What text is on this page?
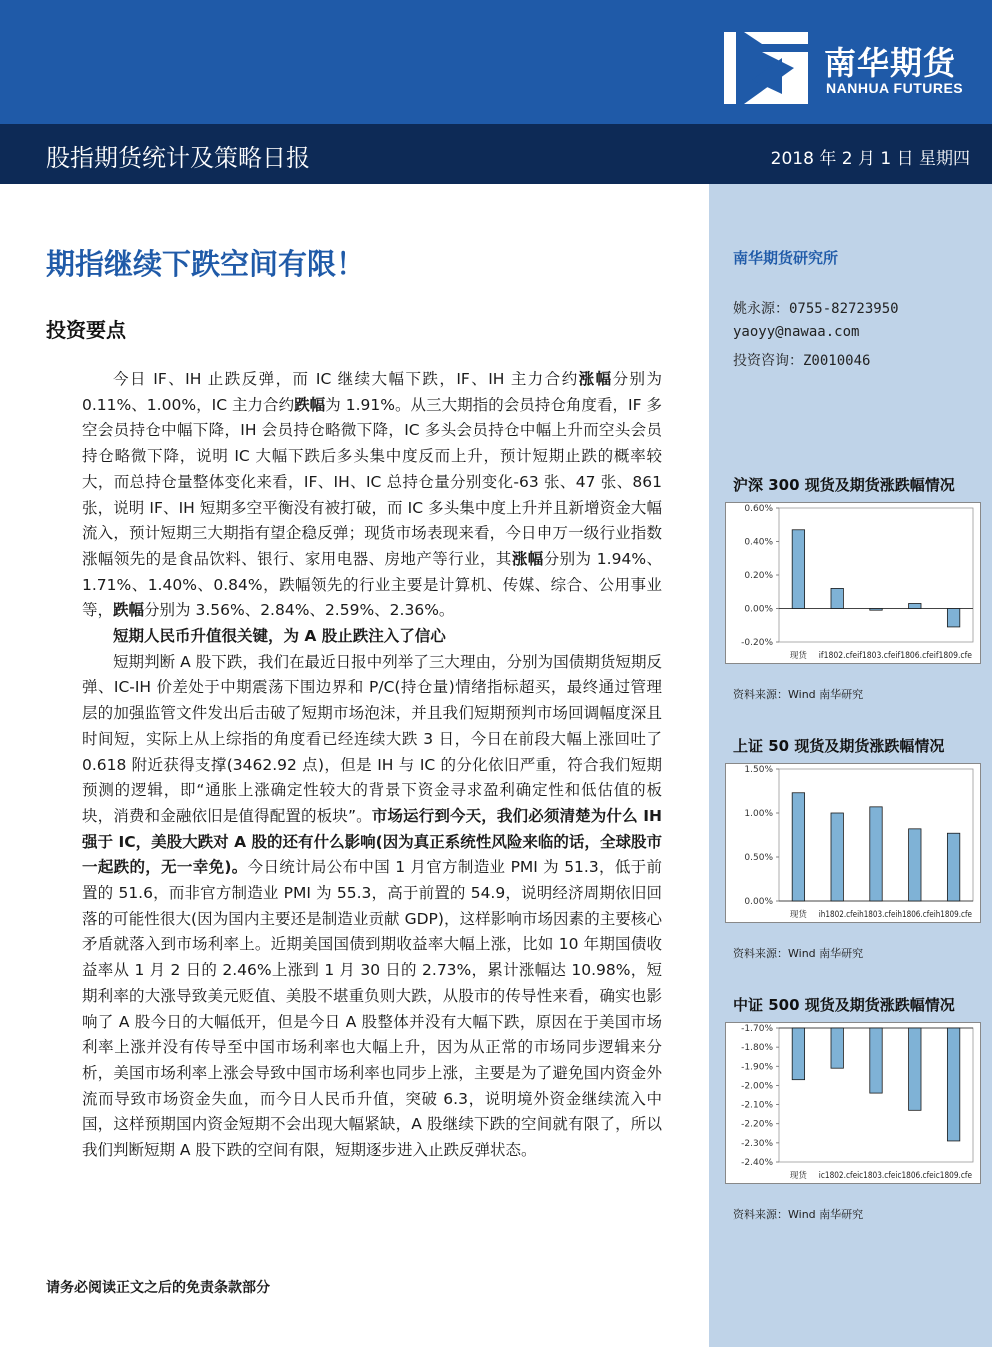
南华期货
NANHUA FUTURES
股指期货统计及策略日报	2018 年 2 月 1 日 星期四
南华期货研究所
姚永源：0755-82723950
yaoyy@nawaa.com
投资咨询：Z0010046
沪深 300 现货及期货涨跌幅情况
-0.20%
0.00%
0.20%
0.40%
0.60%
现货 if1802.cfeif1803.cfeif1806.cfeif1809.cfe
资料来源：Wind 南华研究
上证 50 现货及期货涨跌幅情况
0.00%
0.50%
1.00%
1.50%
现货 ih1802.cfeih1803.cfeih1806.cfeih1809.cfe
资料来源：Wind 南华研究
中证 500 现货及期货涨跌幅情况
-1.70%
-1.80%
-1.90%
-2.00%
-2.10%
-2.20%
-2.30%
-2.40%
现货 ic1802.cfeic1803.cfeic1806.cfeic1809.cfe
资料来源：Wind 南华研究
期指继续下跌空间有限！
投资要点

今日 IF、IH 止跌反弹，而 IC 继续大幅下跌，IF、IH 主力合约涨幅分别为 0.11%、1.00%，IC 主力合约跌幅为 1.91%。从三大期指的会员持仓角度看，IF 多空会员持仓中幅下降，IH 会员持仓略微下降，IC 多头会员持仓中幅上升而空头会员持仓略微下降，说明 IC 大幅下跌后多头集中度反而上升，预计短期止跌的概率较大，而总持仓量整体变化来看，IF、IH、IC 总持仓量分别变化-63 张、47 张、861 张，说明 IF、IH 短期多空平衡没有被打破，而 IC 多头集中度上升并且新增资金大幅流入，预计短期三大期指有望企稳反弹；现货市场表现来看，今日申万一级行业指数涨幅领先的是食品饮料、银行、家用电器、房地产等行业，其涨幅分别为 1.94%、1.71%、1.40%、0.84%，跌幅领先的行业主要是计算机、传媒、综合、公用事业等，跌幅分别为 3.56%、2.84%、2.59%、2.36%。

短期人民币升值很关键，为 A 股止跌注入了信心

短期判断 A 股下跌，我们在最近日报中列举了三大理由，分别为国债期货短期反弹、IC-IH 价差处于中期震荡下围边界和 P/C(持仓量)情绪指标超买，最终通过管理层的加强监管文件发出后击破了短期市场泡沫，并且我们短期预判市场回调幅度深且时间短，实际上从上综指的角度看已经连续大跌 3 日，今日在前段大幅上涨回吐了 0.618 附近获得支撑(3462.92 点)，但是 IH 与 IC 的分化依旧严重，符合我们短期预测的逻辑，即“通胀上涨确定性较大的背景下资金寻求盈利确定性和低估值的板块，消费和金融依旧是值得配置的板块”。市场运行到今天，我们必须清楚为什么 IH 强于 IC，美股大跌对 A 股的还有什么影响(因为真正系统性风险来临的话，全球股市一起跌的，无一幸免)。今日统计局公布中国 1 月官方制造业 PMI 为 51.3，低于前置的 51.6，而非官方制造业 PMI 为 55.3，高于前置的 54.9，说明经济周期依旧回落的可能性很大(因为国内主要还是制造业贡献 GDP)，这样影响市场因素的主要核心矛盾就落入到市场利率上。近期美国国债到期收益率大幅上涨，比如 10 年期国债收益率从 1 月 2 日的 2.46%上涨到 1 月 30 日的 2.73%，累计涨幅达 10.98%，短期利率的大涨导致美元贬值、美股不堪重负则大跌，从股市的传导性来看，确实也影响了 A 股今日的大幅低开，但是今日 A 股整体并没有大幅下跌，原因在于美国市场利率上涨并没有传导至中国市场利率也大幅上升，因为从正常的市场同步逻辑来分析，美国市场利率上涨会导致中国市场利率也同步上涨，主要是为了避免国内资金外流而导致市场资金失血，而今日人民币升值，突破 6.3，说明境外资金继续流入中国，这样预期国内资金短期不会出现大幅紧缺，A 股继续下跌的空间就有限了，所以我们判断短期 A 股下跌的空间有限，短期逐步进入止跌反弹状态。

请务必阅读正文之后的免责条款部分
